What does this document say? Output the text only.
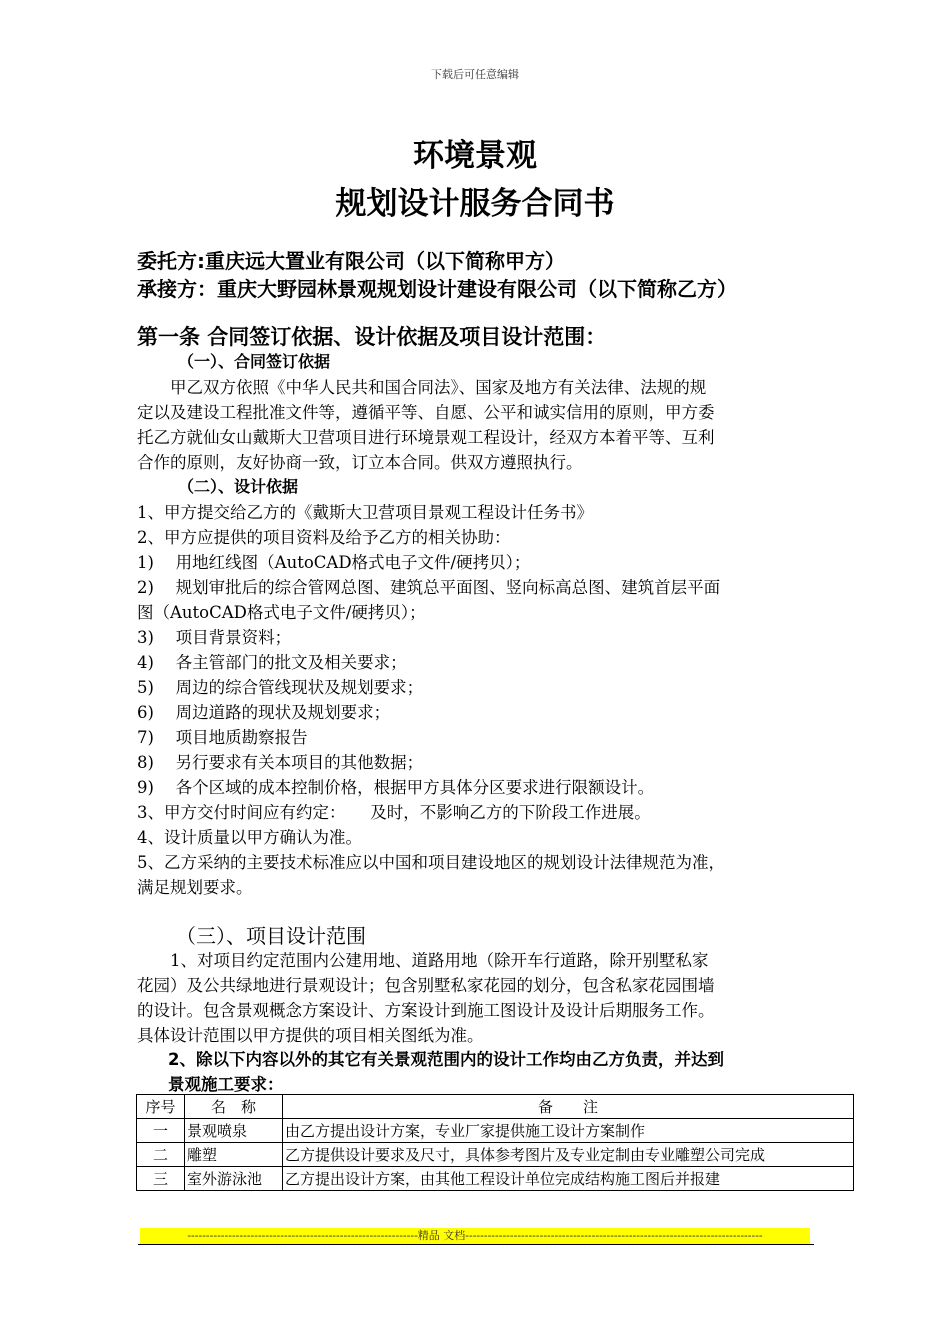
下载后可任意编辑
环境景观
规划设计服务合同书
委托方:重庆远大置业有限公司（以下简称甲方）
承接方：重庆大野园林景观规划设计建设有限公司（以下简称乙方）
第一条 合同签订依据、设计依据及项目设计范围：
（一）、合同签订依据
　　甲乙双方依照《中华人民共和国合同法》、国家及地方有关法律、法规的规
定以及建设工程批准文件等，遵循平等、自愿、公平和诚实信用的原则，甲方委
托乙方就仙女山戴斯大卫营项目进行环境景观工程设计，经双方本着平等、互利
合作的原则，友好协商一致，订立本合同。供双方遵照执行。
（二）、设计依据
1、甲方提交给乙方的《戴斯大卫营项目景观工程设计任务书》
2、甲方应提供的项目资料及给予乙方的相关协助：
1)　 用地红线图（AutoCAD格式电子文件/硬拷贝）；
2)　 规划审批后的综合管网总图、建筑总平面图、竖向标高总图、建筑首层平面
图（AutoCAD格式电子文件/硬拷贝）；
3)　 项目背景资料；
4)　 各主管部门的批文及相关要求；
5)　 周边的综合管线现状及规划要求；
6)　 周边道路的现状及规划要求；
7)　 项目地质勘察报告
8)　 另行要求有关本项目的其他数据；
9)　 各个区域的成本控制价格，根据甲方具体分区要求进行限额设计。
3、甲方交付时间应有约定：　　及时，不影响乙方的下阶段工作进展。
4、设计质量以甲方确认为准。
5、乙方采纳的主要技术标准应以中国和项目建设地区的规划设计法律规范为准，
满足规划要求。
（三）、项目设计范围
　　1、对项目约定范围内公建用地、道路用地（除开车行道路，除开别墅私家
花园）及公共绿地进行景观设计；包含别墅私家花园的划分，包含私家花园围墙
的设计。包含景观概念方案设计、方案设计到施工图设计及设计后期服务工作。
具体设计范围以甲方提供的项目相关图纸为准。
2、除以下内容以外的其它有关景观范围内的设计工作均由乙方负责，并达到
景观施工要求：
序号	名　称	备　　注
一	景观喷泉	由乙方提出设计方案，专业厂家提供施工设计方案制作
二	雕塑	乙方提供设计要求及尺寸，具体参考图片及专业定制由专业雕塑公司完成
三	室外游泳池	乙方提出设计方案，由其他工程设计单位完成结构施工图后并报建
--------------------------------------------------------------精品 文档--------------------------------------------------------------------------------
